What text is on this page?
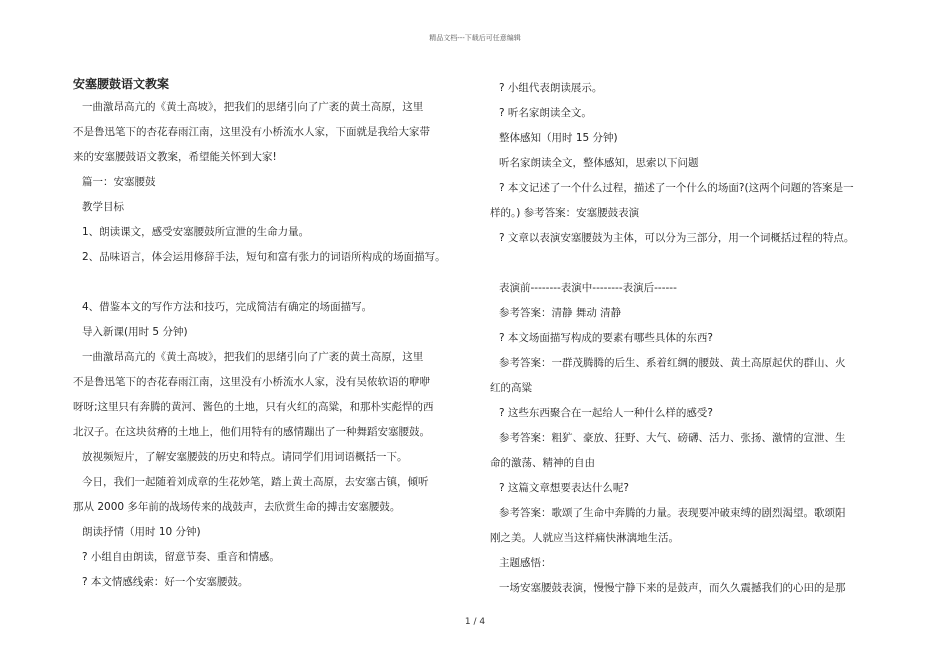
精品文档---下载后可任意编辑
安塞腰鼓语文教案

一曲激昂高亢的《黄土高坡》，把我们的思绪引向了广袤的黄土高原，这里

不是鲁迅笔下的杏花春雨江南，这里没有小桥流水人家，下面就是我给大家带

来的安塞腰鼓语文教案，希望能关怀到大家!

篇一：安塞腰鼓

教学目标

1、朗读课文，感受安塞腰鼓所宣泄的生命力量。

2、品味语言，体会运用修辞手法，短句和富有张力的词语所构成的场面描写。

4、借鉴本文的写作方法和技巧，完成简洁有确定的场面描写。

导入新课(用时 5 分钟)

一曲激昂高亢的《黄土高坡》，把我们的思绪引向了广袤的黄土高原，这里

不是鲁迅笔下的杏花春雨江南，这里没有小桥流水人家，没有吴侬软语的咿咿

呀呀;这里只有奔腾的黄河、酱色的土地，只有火红的高粱，和那朴实彪悍的西

北汉子。在这块贫瘠的土地上，他们用特有的感情蹦出了一种舞蹈安塞腰鼓。

放视频短片，了解安塞腰鼓的历史和特点。请同学们用词语概括一下。

今日，我们一起随着刘成章的生花妙笔，踏上黄土高原，去安塞古镇，倾听

那从 2000 多年前的战场传来的战鼓声，去欣赏生命的搏击安塞腰鼓。

朗读抒情（用时 10 分钟)

? 小组自由朗读，留意节奏、重音和情感。

? 本文情感线索：好一个安塞腰鼓。

? 小组代表朗读展示。

? 听名家朗读全文。

整体感知（用时 15 分钟)

听名家朗读全文，整体感知，思索以下问题

? 本文记述了一个什么过程，描述了一个什么的场面?(这两个问题的答案是一

样的。) 参考答案：安塞腰鼓表演

? 文章以表演安塞腰鼓为主体，可以分为三部分，用一个词概括过程的特点。

表演前--------表演中--------表演后------

参考答案：清静 舞动 清静

? 本文场面描写构成的要素有哪些具体的东西?

参考答案：一群茂腾腾的后生、系着红绸的腰鼓、黄土高原起伏的群山、火

红的高粱

? 这些东西聚合在一起给人一种什么样的感受?

参考答案：粗犷、豪放、狂野、大气、磅礴、活力、张扬、激情的宣泄、生

命的激荡、精神的自由

? 这篇文章想要表达什么呢?

参考答案：歌颂了生命中奔腾的力量。表现要冲破束缚的剧烈渴望。歌颂阳

刚之美。人就应当这样痛快淋漓地生活。

主题感悟：

一场安塞腰鼓表演，慢慢宁静下来的是鼓声，而久久震撼我们的心田的是那

1 / 4
